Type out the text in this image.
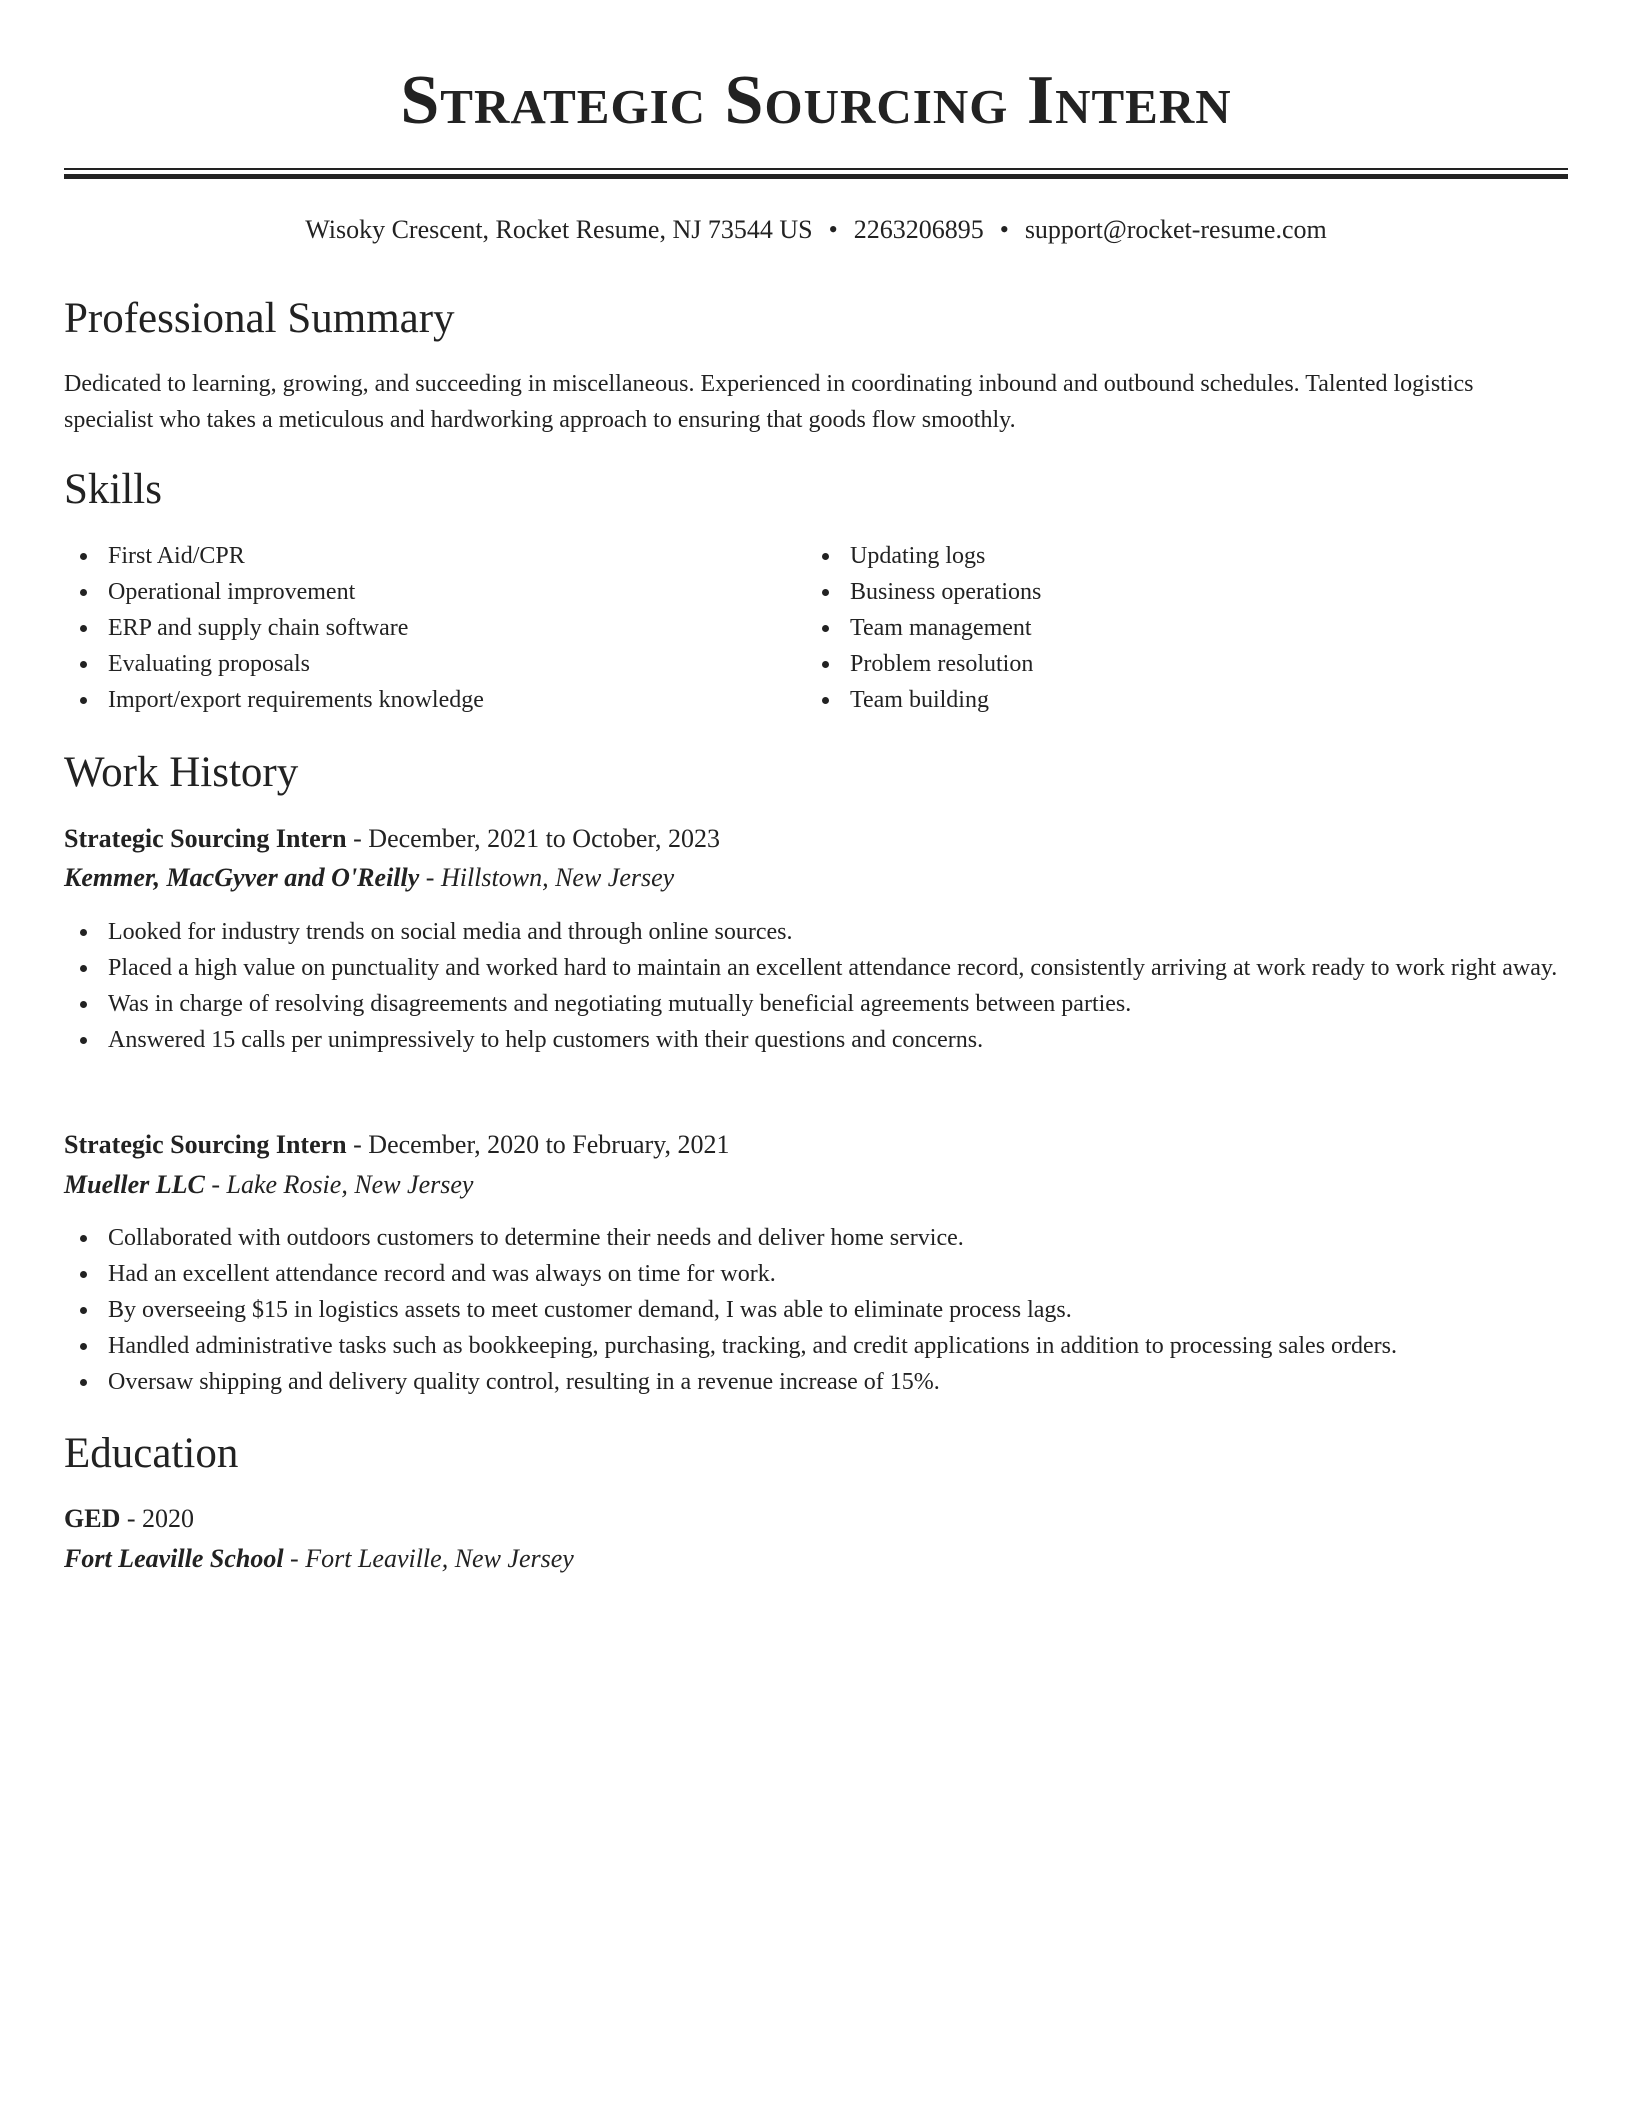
Strategic Sourcing Intern
Wisoky Crescent, Rocket Resume, NJ 73544 US • 2263206895 • support@rocket-resume.com
Professional Summary

Dedicated to learning, growing, and succeeding in miscellaneous. Experienced in coordinating inbound and outbound schedules. Talented logistics specialist who takes a meticulous and hardworking approach to ensuring that goods flow smoothly.

Skills
First Aid/CPR
Operational improvement
ERP and supply chain software
Evaluating proposals
Import/export requirements knowledge
Updating logs
Business operations
Team management
Problem resolution
Team building
Work History
Strategic Sourcing Intern - December, 2021 to October, 2023
Kemmer, MacGyver and O'Reilly - Hillstown, New Jersey
Looked for industry trends on social media and through online sources.
Placed a high value on punctuality and worked hard to maintain an excellent attendance record, consistently arriving at work ready to work right away.
Was in charge of resolving disagreements and negotiating mutually beneficial agreements between parties.
Answered 15 calls per unimpressively to help customers with their questions and concerns.
Strategic Sourcing Intern - December, 2020 to February, 2021
Mueller LLC - Lake Rosie, New Jersey
Collaborated with outdoors customers to determine their needs and deliver home service.
Had an excellent attendance record and was always on time for work.
By overseeing $15 in logistics assets to meet customer demand, I was able to eliminate process lags.
Handled administrative tasks such as bookkeeping, purchasing, tracking, and credit applications in addition to processing sales orders.
Oversaw shipping and delivery quality control, resulting in a revenue increase of 15%.
Education
GED - 2020
Fort Leaville School - Fort Leaville, New Jersey
